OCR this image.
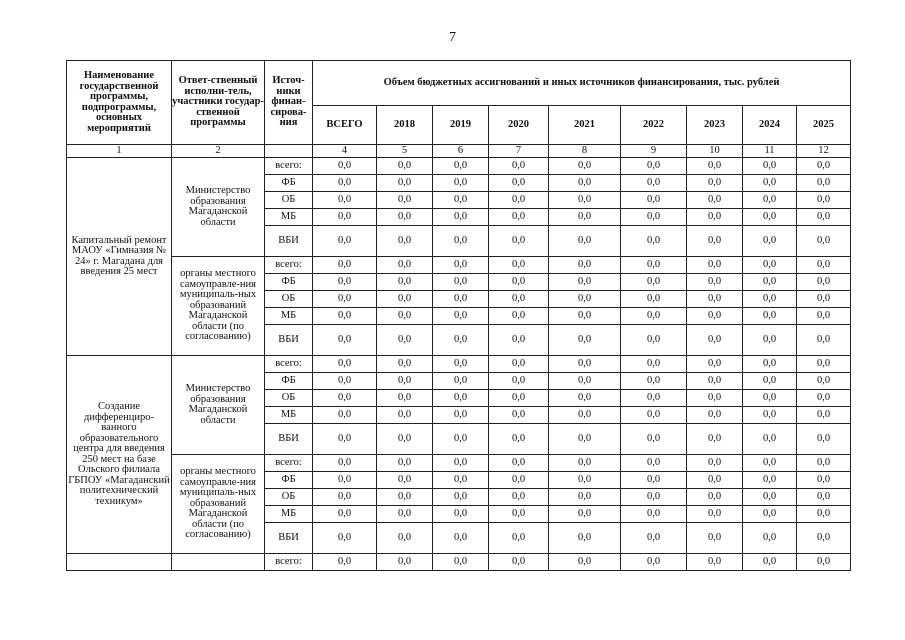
7
Наименование государственной программы, подпрограммы, основных мероприятий	Ответ-ственный исполни-тель, участники государ-ственной программы	Источ-ники финан-сирова-ния	Объем бюджетных ассигнований и иных источников финансирования, тыс. рублей								
			ВСЕГО	2018	2019	2020	2021	2022	2023	2024	2025
1	2		4	5	6	7	8	9	10	11	12
Капитальный ремонт МАОУ «Гимназия № 24» г. Магадана для введения 25 мест	Министерство образования Магаданской области	всего:	0,0	0,0	0,0	0,0	0,0	0,0	0,0	0,0	0,0
		ФБ	0,0	0,0	0,0	0,0	0,0	0,0	0,0	0,0	0,0
		ОБ	0,0	0,0	0,0	0,0	0,0	0,0	0,0	0,0	0,0
		МБ	0,0	0,0	0,0	0,0	0,0	0,0	0,0	0,0	0,0
		ВБИ	0,0	0,0	0,0	0,0	0,0	0,0	0,0	0,0	0,0
	органы местного самоуправле-ния муниципаль-ных образований Магаданской области (по согласованию)	всего:	0,0	0,0	0,0	0,0	0,0	0,0	0,0	0,0	0,0
		ФБ	0,0	0,0	0,0	0,0	0,0	0,0	0,0	0,0	0,0
		ОБ	0,0	0,0	0,0	0,0	0,0	0,0	0,0	0,0	0,0
		МБ	0,0	0,0	0,0	0,0	0,0	0,0	0,0	0,0	0,0
		ВБИ	0,0	0,0	0,0	0,0	0,0	0,0	0,0	0,0	0,0
Создание дифференциро-ванного образовательного центра для введения 250 мест на базе Ольского филиала ГБПОУ «Магаданский политехнический техникум»	Министерство образования Магаданской области	всего:	0,0	0,0	0,0	0,0	0,0	0,0	0,0	0,0	0,0
		ФБ	0,0	0,0	0,0	0,0	0,0	0,0	0,0	0,0	0,0
		ОБ	0,0	0,0	0,0	0,0	0,0	0,0	0,0	0,0	0,0
		МБ	0,0	0,0	0,0	0,0	0,0	0,0	0,0	0,0	0,0
		ВБИ	0,0	0,0	0,0	0,0	0,0	0,0	0,0	0,0	0,0
	органы местного самоуправле-ния муниципаль-ных образований Магаданской области (по согласованию)	всего:	0,0	0,0	0,0	0,0	0,0	0,0	0,0	0,0	0,0
		ФБ	0,0	0,0	0,0	0,0	0,0	0,0	0,0	0,0	0,0
		ОБ	0,0	0,0	0,0	0,0	0,0	0,0	0,0	0,0	0,0
		МБ	0,0	0,0	0,0	0,0	0,0	0,0	0,0	0,0	0,0
		ВБИ	0,0	0,0	0,0	0,0	0,0	0,0	0,0	0,0	0,0
		всего:	0,0	0,0	0,0	0,0	0,0	0,0	0,0	0,0	0,0
